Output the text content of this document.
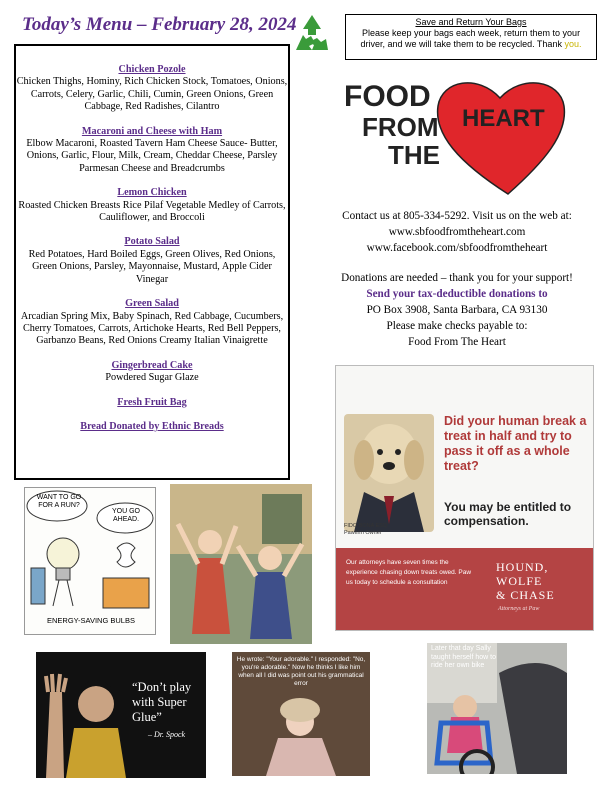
Today’s Menu – February 28, 2024	Save and Return Your Bags
Please keep your bags each week, return them to your driver, and we will take them to be recycled. Thank you.
Chicken Pozole
Chicken Thighs, Hominy, Rich Chicken Stock, Tomatoes, Onions, Carrots, Celery, Garlic, Chili, Cumin, Green Onions, Green Cabbage, Red Radishes, Cilantro
Macaroni and Cheese with Ham
Elbow Macaroni, Roasted Tavern Ham Cheese Sauce- Butter, Onions, Garlic, Flour, Milk, Cream, Cheddar Cheese, Parsley Parmesan Cheese and Breadcrumbs
Lemon Chicken
Roasted Chicken Breasts Rice Pilaf Vegetable Medley of Carrots, Cauliflower, and Broccoli
Potato Salad
Red Potatoes, Hard Boiled Eggs, Green Olives, Red Onions, Green Onions, Parsley, Mayonnaise, Mustard, Apple Cider Vinegar
Green Salad
Arcadian Spring Mix, Baby Spinach, Red Cabbage, Cucumbers, Cherry Tomatoes, Carrots, Artichoke Hearts, Red Bell Peppers, Garbanzo Beans, Red Onions Creamy Italian Vinaigrette
Gingerbread Cake
Powdered Sugar Glaze
Fresh Fruit Bag
Bread Donated by Ethnic Breads
FOOD
FROM
THE
HEART
Contact us at 805-334-5292. Visit us on the web at:
www.sbfoodfromtheheart.com
www.facebook.com/sbfoodfromtheheart
Donations are needed – thank you for your support!
Send your tax-deductible donations to
PO Box 3908, Santa Barbara, CA 93130
Please make checks payable to:
Food From The Heart
Did your human break a treat in half and try to pass it off as a whole treat?
You may be entitled to compensation.
FIDO BONA ESQ
Pawfirm Owner
Our attorneys have seven times the experience chasing down treats owed. Paw us today to schedule a consultation
HOUND,
WOLFE
& CHASE
Attorneys at Paw
WANT TO GO FOR A RUN?
YOU GO AHEAD.
ENERGY-SAVING BULBS
“Don’t play with Super Glue”
– Dr. Spock
He wrote: "Your adorable." I responded: "No, you're adorable." Now he thinks I like him when all I did was point out his grammatical error
Later that day Sally taught herself how to ride her own bike
